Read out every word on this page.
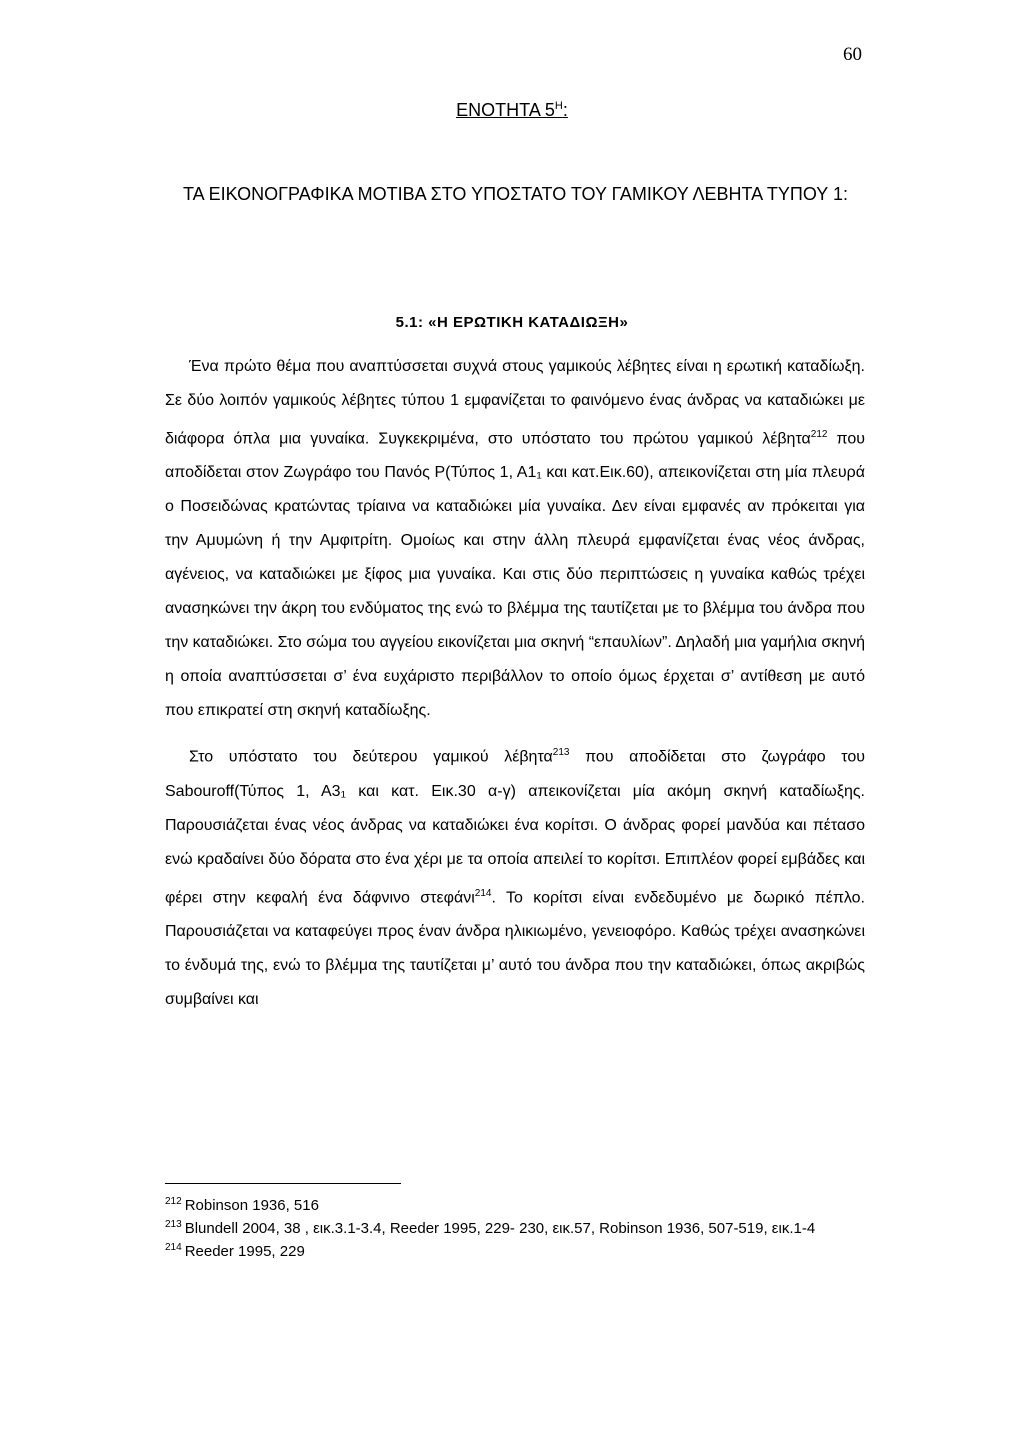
60
ΕΝΟΤΗΤΑ $5^H$:
ΤΑ ΕΙΚΟΝΟΓΡΑΦΙΚΑ ΜΟΤΙΒΑ ΣΤΟ ΥΠΟΣΤΑΤΟ ΤΟΥ ΓΑΜΙΚΟΥ ΛΕΒΗΤΑ ΤΥΠΟΥ 1:
5.1: «Η ΕΡΩΤΙΚΗ ΚΑΤΑΔΙΩΞΗ»

Ένα πρώτο θέμα που αναπτύσσεται συχνά στους γαμικούς λέβητες είναι η ερωτική καταδίωξη. Σε δύο λοιπόν γαμικούς λέβητες τύπου 1 εμφανίζεται το φαινόμενο ένας άνδρας να καταδιώκει με διάφορα όπλα μια γυναίκα. Συγκεκριμένα, στο υπόστατο του πρώτου γαμικού λέβητα$^{212}$ που αποδίδεται στον Ζωγράφο του Πανός Ρ(Τύπος 1, Α1₁ και κατ.Εικ.60), απεικονίζεται στη μία πλευρά ο Ποσειδώνας κρατώντας τρίαινα να καταδιώκει μία γυναίκα. Δεν είναι εμφανές αν πρόκειται για την Αμυμώνη ή την Αμφιτρίτη. Ομοίως και στην άλλη πλευρά εμφανίζεται ένας νέος άνδρας, αγένειος, να καταδιώκει με ξίφος μια γυναίκα. Και στις δύο περιπτώσεις η γυναίκα καθώς τρέχει ανασηκώνει την άκρη του ενδύματος της ενώ το βλέμμα της ταυτίζεται με το βλέμμα του άνδρα που την καταδιώκει. Στο σώμα του αγγείου εικονίζεται μια σκηνή “επαυλίων”. Δηλαδή μια γαμήλια σκηνή η οποία αναπτύσσεται σ’ ένα ευχάριστο περιβάλλον το οποίο όμως έρχεται σ’ αντίθεση με αυτό που επικρατεί στη σκηνή καταδίωξης.

Στο υπόστατο του δεύτερου γαμικού λέβητα$^{213}$ που αποδίδεται στο ζωγράφο του Sabouroff(Τύπος 1, Α3₁ και κατ. Εικ.30 α-γ) απεικονίζεται μία ακόμη σκηνή καταδίωξης. Παρουσιάζεται ένας νέος άνδρας να καταδιώκει ένα κορίτσι. Ο άνδρας φορεί μανδύα και πέτασο ενώ κραδαίνει δύο δόρατα στο ένα χέρι με τα οποία απειλεί το κορίτσι. Επιπλέον φορεί εμβάδες και φέρει στην κεφαλή ένα δάφνινο στεφάνι$^{214}$. Το κορίτσι είναι ενδεδυμένο με δωρικό πέπλο. Παρουσιάζεται να καταφεύγει προς έναν άνδρα ηλικιωμένο, γενειοφόρο. Καθώς τρέχει ανασηκώνει το ένδυμά της, ενώ το βλέμμα της ταυτίζεται μ’ αυτό του άνδρα που την καταδιώκει, όπως ακριβώς συμβαίνει και

$^{212}$ Robinson 1936, 516
$^{213}$ Blundell 2004, 38 , εικ.3.1-3.4, Reeder 1995, 229- 230, εικ.57, Robinson 1936, 507-519, εικ.1-4
$^{214}$ Reeder 1995, 229
